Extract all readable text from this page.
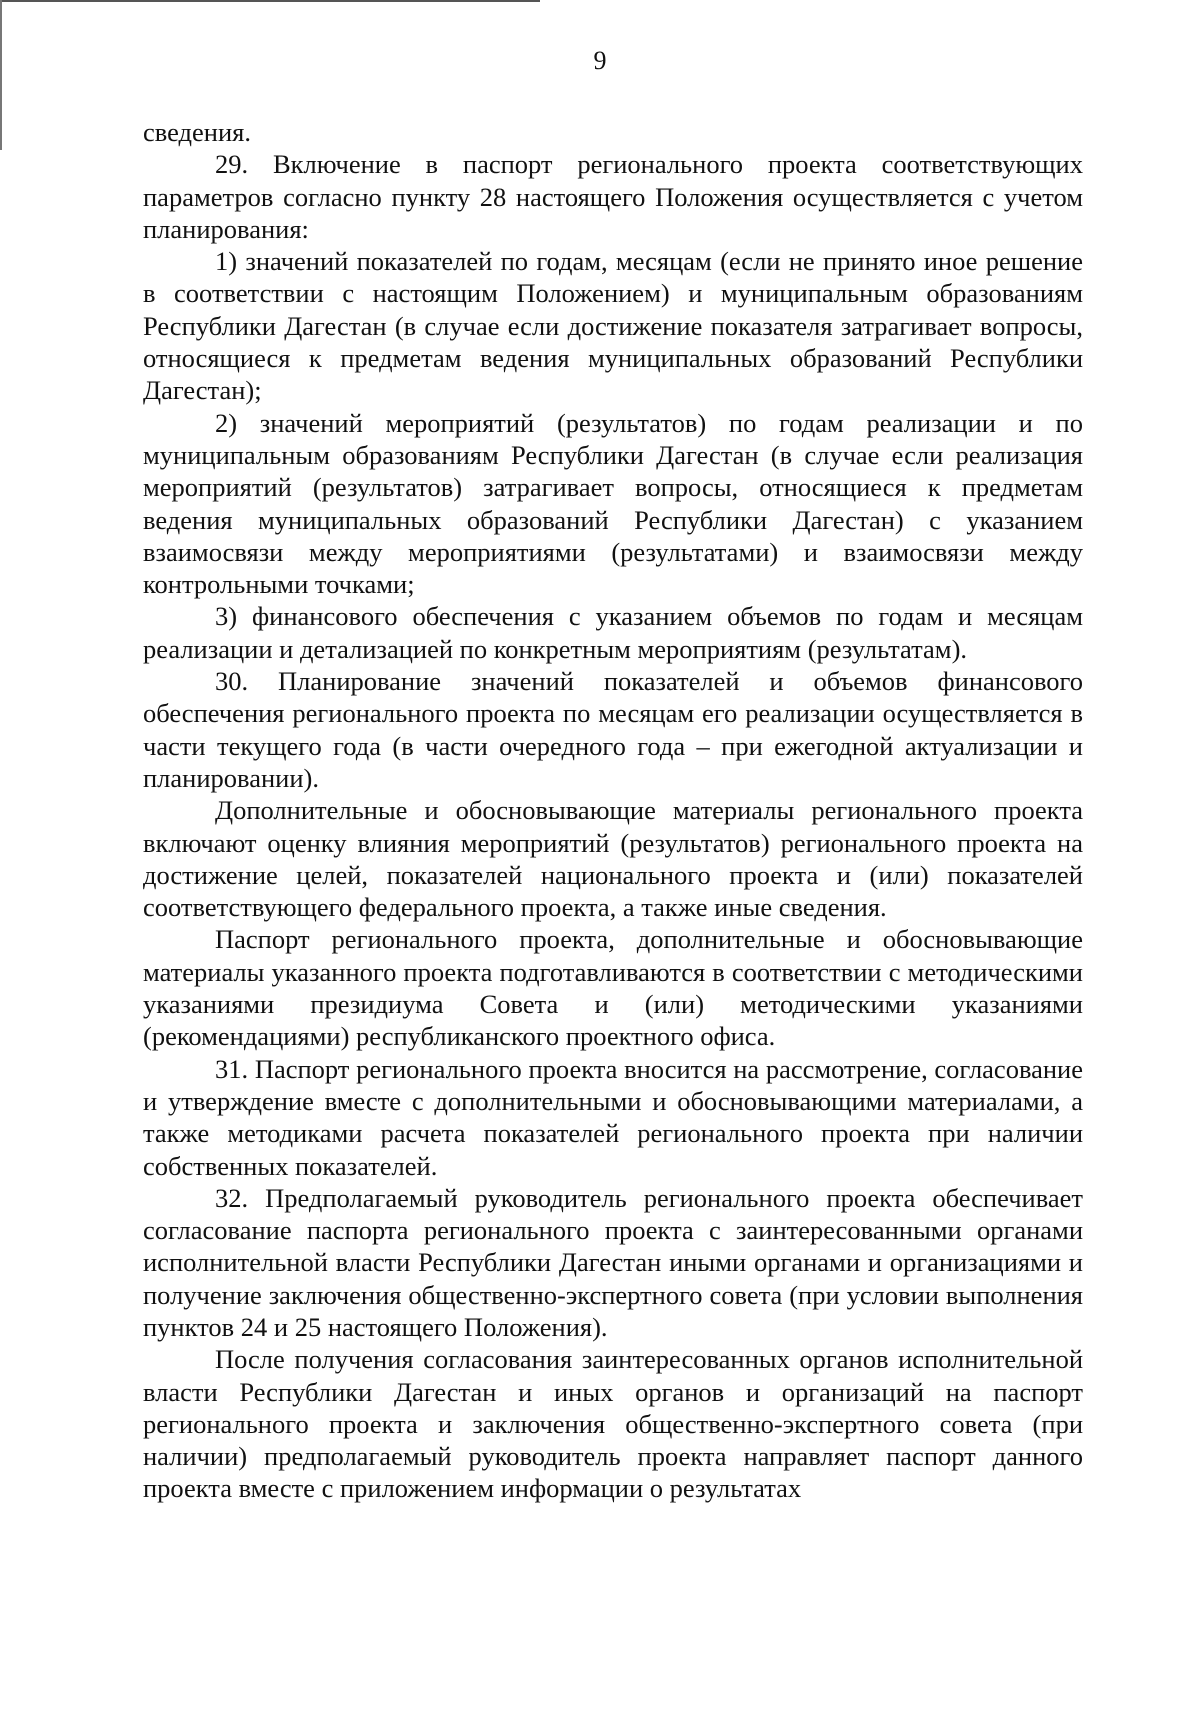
9

сведения.

29. Включение в паспорт регионального проекта соответствующих параметров согласно пункту 28 настоящего Положения осуществляется с учетом планирования:

1) значений показателей по годам, месяцам (если не принято иное решение в соответствии с настоящим Положением) и муниципальным образованиям Республики Дагестан (в случае если достижение показателя затрагивает вопросы, относящиеся к предметам ведения муниципальных образований Республики Дагестан);

2) значений мероприятий (результатов) по годам реализации и по муниципальным образованиям Республики Дагестан (в случае если реализация мероприятий (результатов) затрагивает вопросы, относящиеся к предметам ведения муниципальных образований Республики Дагестан) с указанием взаимосвязи между мероприятиями (результатами) и взаимосвязи между контрольными точками;

3) финансового обеспечения с указанием объемов по годам и месяцам реализации и детализацией по конкретным мероприятиям (результатам).

30. Планирование значений показателей и объемов финансового обеспечения регионального проекта по месяцам его реализации осуществляется в части текущего года (в части очередного года – при ежегодной актуализации и планировании).

Дополнительные и обосновывающие материалы регионального проекта включают оценку влияния мероприятий (результатов) регионального проекта на достижение целей, показателей национального проекта и (или) показателей соответствующего федерального проекта, а также иные сведения.

Паспорт регионального проекта, дополнительные и обосновывающие материалы указанного проекта подготавливаются в соответствии с методическими указаниями президиума Совета и (или) методическими указаниями (рекомендациями) республиканского проектного офиса.

31. Паспорт регионального проекта вносится на рассмотрение, согласование и утверждение вместе с дополнительными и обосновывающими материалами, а также методиками расчета показателей регионального проекта при наличии собственных показателей.

32. Предполагаемый руководитель регионального проекта обеспечивает согласование паспорта регионального проекта с заинтересованными органами исполнительной власти Республики Дагестан иными органами и организациями и получение заключения общественно-экспертного совета (при условии выполнения пунктов 24 и 25 настоящего Положения).

После получения согласования заинтересованных органов исполнительной власти Республики Дагестан и иных органов и организаций на паспорт регионального проекта и заключения общественно-экспертного совета (при наличии) предполагаемый руководитель проекта направляет паспорт данного проекта вместе с приложением информации о результатах
